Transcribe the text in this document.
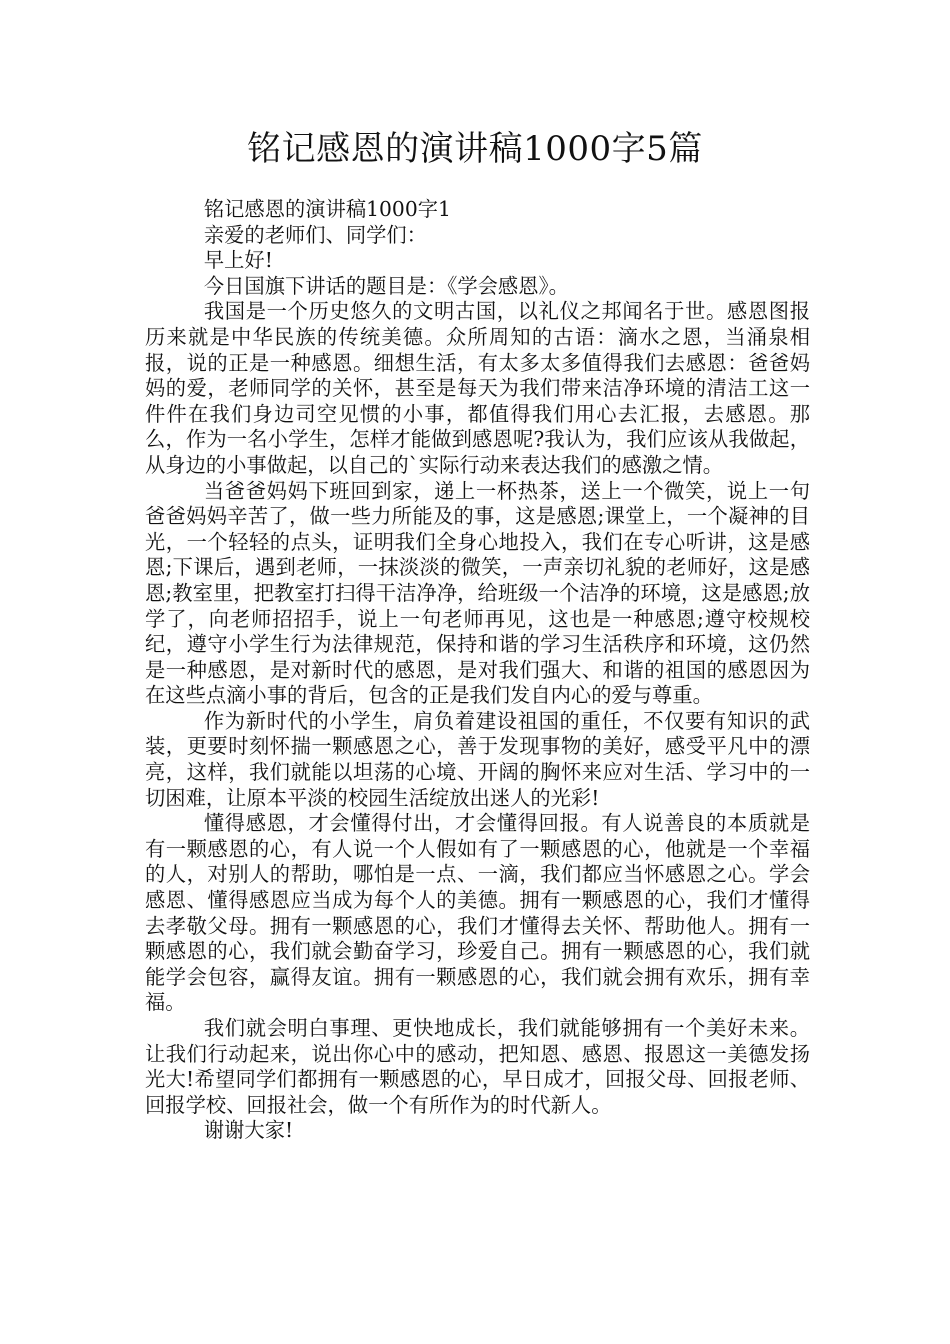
铭记感恩的演讲稿1000字5篇

铭记感恩的演讲稿1000字1

亲爱的老师们、同学们：

早上好!

今日国旗下讲话的题目是：《学会感恩》。

我国是一个历史悠久的文明古国，以礼仪之邦闻名于世。感恩图报历来就是中华民族的传统美德。众所周知的古语：滴水之恩，当涌泉相报，说的正是一种感恩。细想生活，有太多太多值得我们去感恩：爸爸妈妈的爱，老师同学的关怀，甚至是每天为我们带来洁净环境的清洁工这一件件在我们身边司空见惯的小事，都值得我们用心去汇报，去感恩。那么，作为一名小学生，怎样才能做到感恩呢?我认为，我们应该从我做起，从身边的小事做起，以自己的`实际行动来表达我们的感激之情。

当爸爸妈妈下班回到家，递上一杯热茶，送上一个微笑，说上一句爸爸妈妈辛苦了，做一些力所能及的事，这是感恩;课堂上，一个凝神的目光，一个轻轻的点头，证明我们全身心地投入，我们在专心听讲，这是感恩;下课后，遇到老师，一抹淡淡的微笑，一声亲切礼貌的老师好，这是感恩;教室里，把教室打扫得干洁净净，给班级一个洁净的环境，这是感恩;放学了，向老师招招手，说上一句老师再见，这也是一种感恩;遵守校规校纪，遵守小学生行为法律规范，保持和谐的学习生活秩序和环境，这仍然是一种感恩，是对新时代的感恩，是对我们强大、和谐的祖国的感恩因为在这些点滴小事的背后，包含的正是我们发自内心的爱与尊重。

作为新时代的小学生，肩负着建设祖国的重任，不仅要有知识的武装，更要时刻怀揣一颗感恩之心，善于发现事物的美好，感受平凡中的漂亮，这样，我们就能以坦荡的心境、开阔的胸怀来应对生活、学习中的一切困难，让原本平淡的校园生活绽放出迷人的光彩!

懂得感恩，才会懂得付出，才会懂得回报。有人说善良的本质就是有一颗感恩的心，有人说一个人假如有了一颗感恩的心，他就是一个幸福的人，对别人的帮助，哪怕是一点、一滴，我们都应当怀感恩之心。学会感恩、懂得感恩应当成为每个人的美德。拥有一颗感恩的心，我们才懂得去孝敬父母。拥有一颗感恩的心，我们才懂得去关怀、帮助他人。拥有一颗感恩的心，我们就会勤奋学习，珍爱自己。拥有一颗感恩的心，我们就能学会包容，赢得友谊。拥有一颗感恩的心，我们就会拥有欢乐，拥有幸福。

我们就会明白事理、更快地成长，我们就能够拥有一个美好未来。让我们行动起来，说出你心中的感动，把知恩、感恩、报恩这一美德发扬光大!希望同学们都拥有一颗感恩的心，早日成才，回报父母、回报老师、回报学校、回报社会，做一个有所作为的时代新人。

谢谢大家!
